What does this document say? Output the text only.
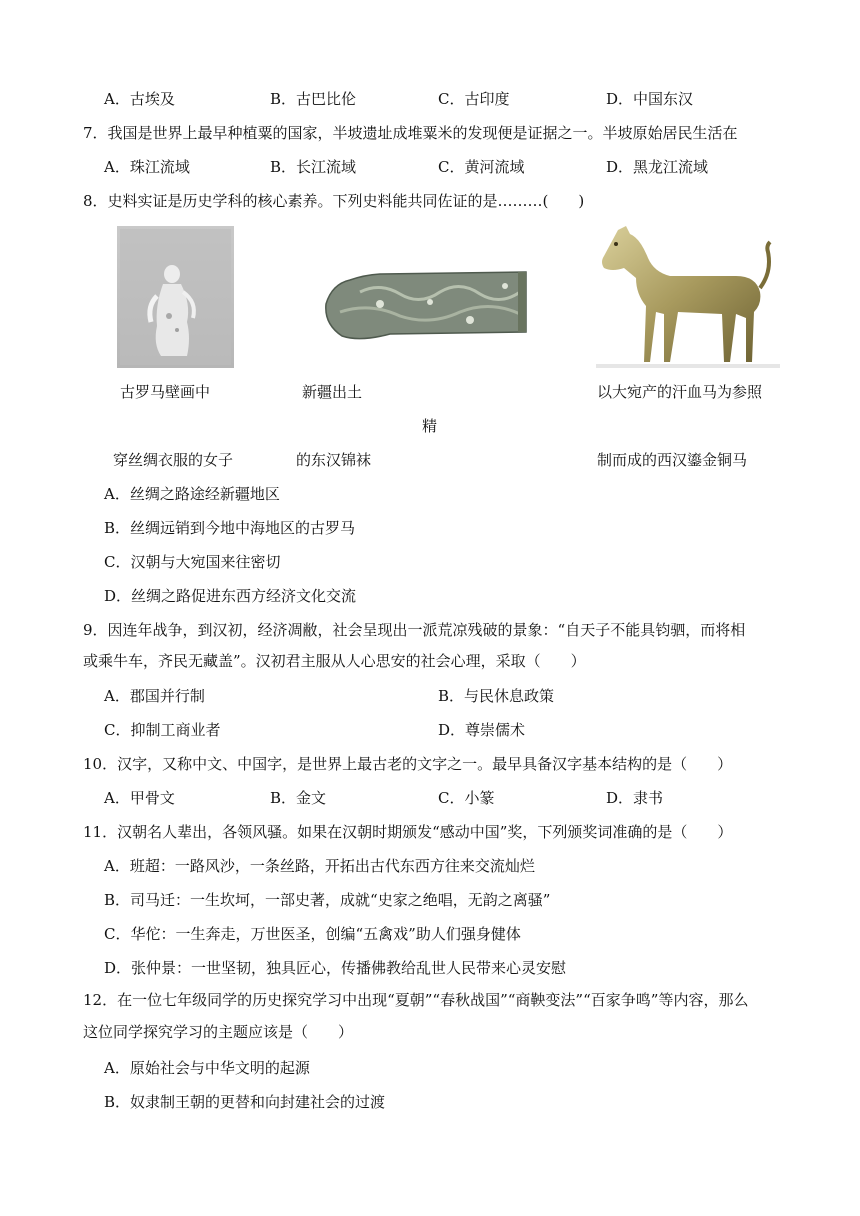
A．古埃及	B．古巴比伦	C．古印度	D．中国东汉
7．我国是世界上最早种植粟的国家，半坡遗址成堆粟米的发现便是证据之一。半坡原始居民生活在
A．珠江流域	B．长江流域	C．黄河流域	D．黑龙江流域
8．史料实证是历史学科的核心素养。下列史料能共同佐证的是………(　　)
古罗马壁画中	新疆出土	以大宛产的汗血马为参照
精
穿丝绸衣服的女子	的东汉锦袜	制而成的西汉鎏金铜马
A．丝绸之路途经新疆地区
B．丝绸远销到今地中海地区的古罗马
C．汉朝与大宛国来往密切
D．丝绸之路促进东西方经济文化交流
9．因连年战争，到汉初，经济凋敝，社会呈现出一派荒凉残破的景象：“自天子不能具钧驷，而将相
或乘牛车，齐民无藏盖”。汉初君主服从人心思安的社会心理，采取（　　）
A．郡国并行制	B．与民休息政策
C．抑制工商业者	D．尊崇儒术
10．汉字，又称中文、中国字，是世界上最古老的文字之一。最早具备汉字基本结构的是（　　）
A．甲骨文	B．金文	C．小篆	D．隶书
11．汉朝名人辈出，各领风骚。如果在汉朝时期颁发“感动中国”奖，下列颁奖词准确的是（　　）
A．班超：一路风沙，一条丝路，开拓出古代东西方往来交流灿烂
B．司马迁：一生坎坷，一部史著，成就“史家之绝唱，无韵之离骚”
C．华佗：一生奔走，万世医圣，创编“五禽戏”助人们强身健体
D．张仲景：一世坚韧，独具匠心，传播佛教给乱世人民带来心灵安慰
12．在一位七年级同学的历史探究学习中出现“夏朝”“春秋战国”“商鞅变法”“百家争鸣”等内容，那么
这位同学探究学习的主题应该是（　　）
A．原始社会与中华文明的起源
B．奴隶制王朝的更替和向封建社会的过渡
